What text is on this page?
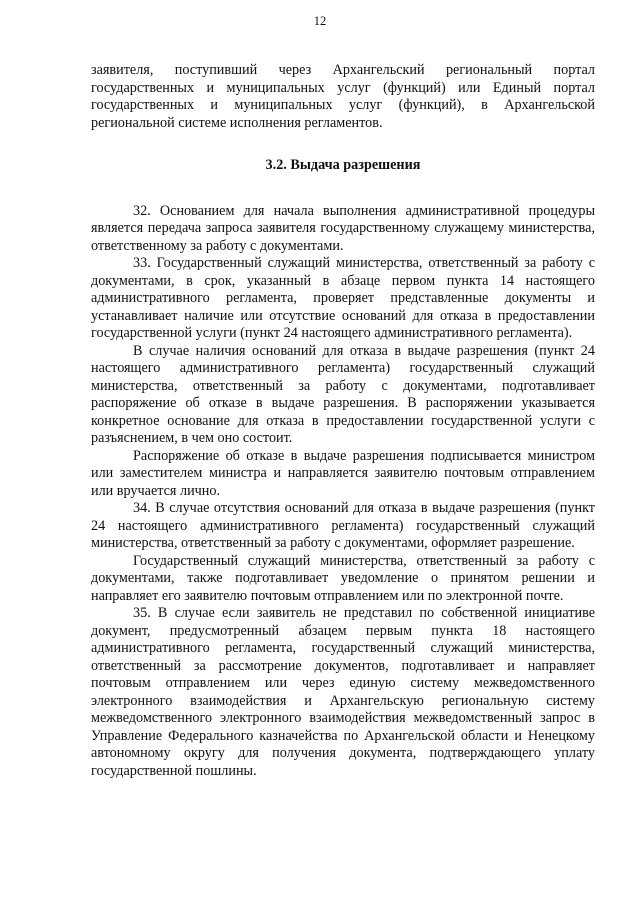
12

заявителя, поступивший через Архангельский региональный портал государственных и муниципальных услуг (функций) или Единый портал государственных и муниципальных услуг (функций), в Архангельской региональной системе исполнения регламентов.

3.2. Выдача разрешения

32. Основанием для начала выполнения административной процедуры является передача запроса заявителя государственному служащему министерства, ответственному за работу с документами.

33. Государственный служащий министерства, ответственный за работу с документами, в срок, указанный в абзаце первом пункта 14 настоящего административного регламента, проверяет представленные документы и устанавливает наличие или отсутствие оснований для отказа в предоставлении государственной услуги (пункт 24 настоящего административного регламента).

В случае наличия оснований для отказа в выдаче разрешения (пункт 24 настоящего административного регламента) государственный служащий министерства, ответственный за работу с документами, подготавливает распоряжение об отказе в выдаче разрешения. В распоряжении указывается конкретное основание для отказа в предоставлении государственной услуги с разъяснением, в чем оно состоит.

Распоряжение об отказе в выдаче разрешения подписывается министром или заместителем министра и направляется заявителю почтовым отправлением или вручается лично.

34. В случае отсутствия оснований для отказа в выдаче разрешения (пункт 24 настоящего административного регламента) государственный служащий министерства, ответственный за работу с документами, оформляет разрешение.

Государственный служащий министерства, ответственный за работу с документами, также подготавливает уведомление о принятом решении и направляет его заявителю почтовым отправлением или по электронной почте.

35. В случае если заявитель не представил по собственной инициативе документ, предусмотренный абзацем первым пункта 18 настоящего административного регламента, государственный служащий министерства, ответственный за рассмотрение документов, подготавливает и направляет почтовым отправлением или через единую систему межведомственного электронного взаимодействия и Архангельскую региональную систему межведомственного электронного взаимодействия межведомственный запрос в Управление Федерального казначейства по Архангельской области и Ненецкому автономному округу для получения документа, подтверждающего уплату государственной пошлины.
